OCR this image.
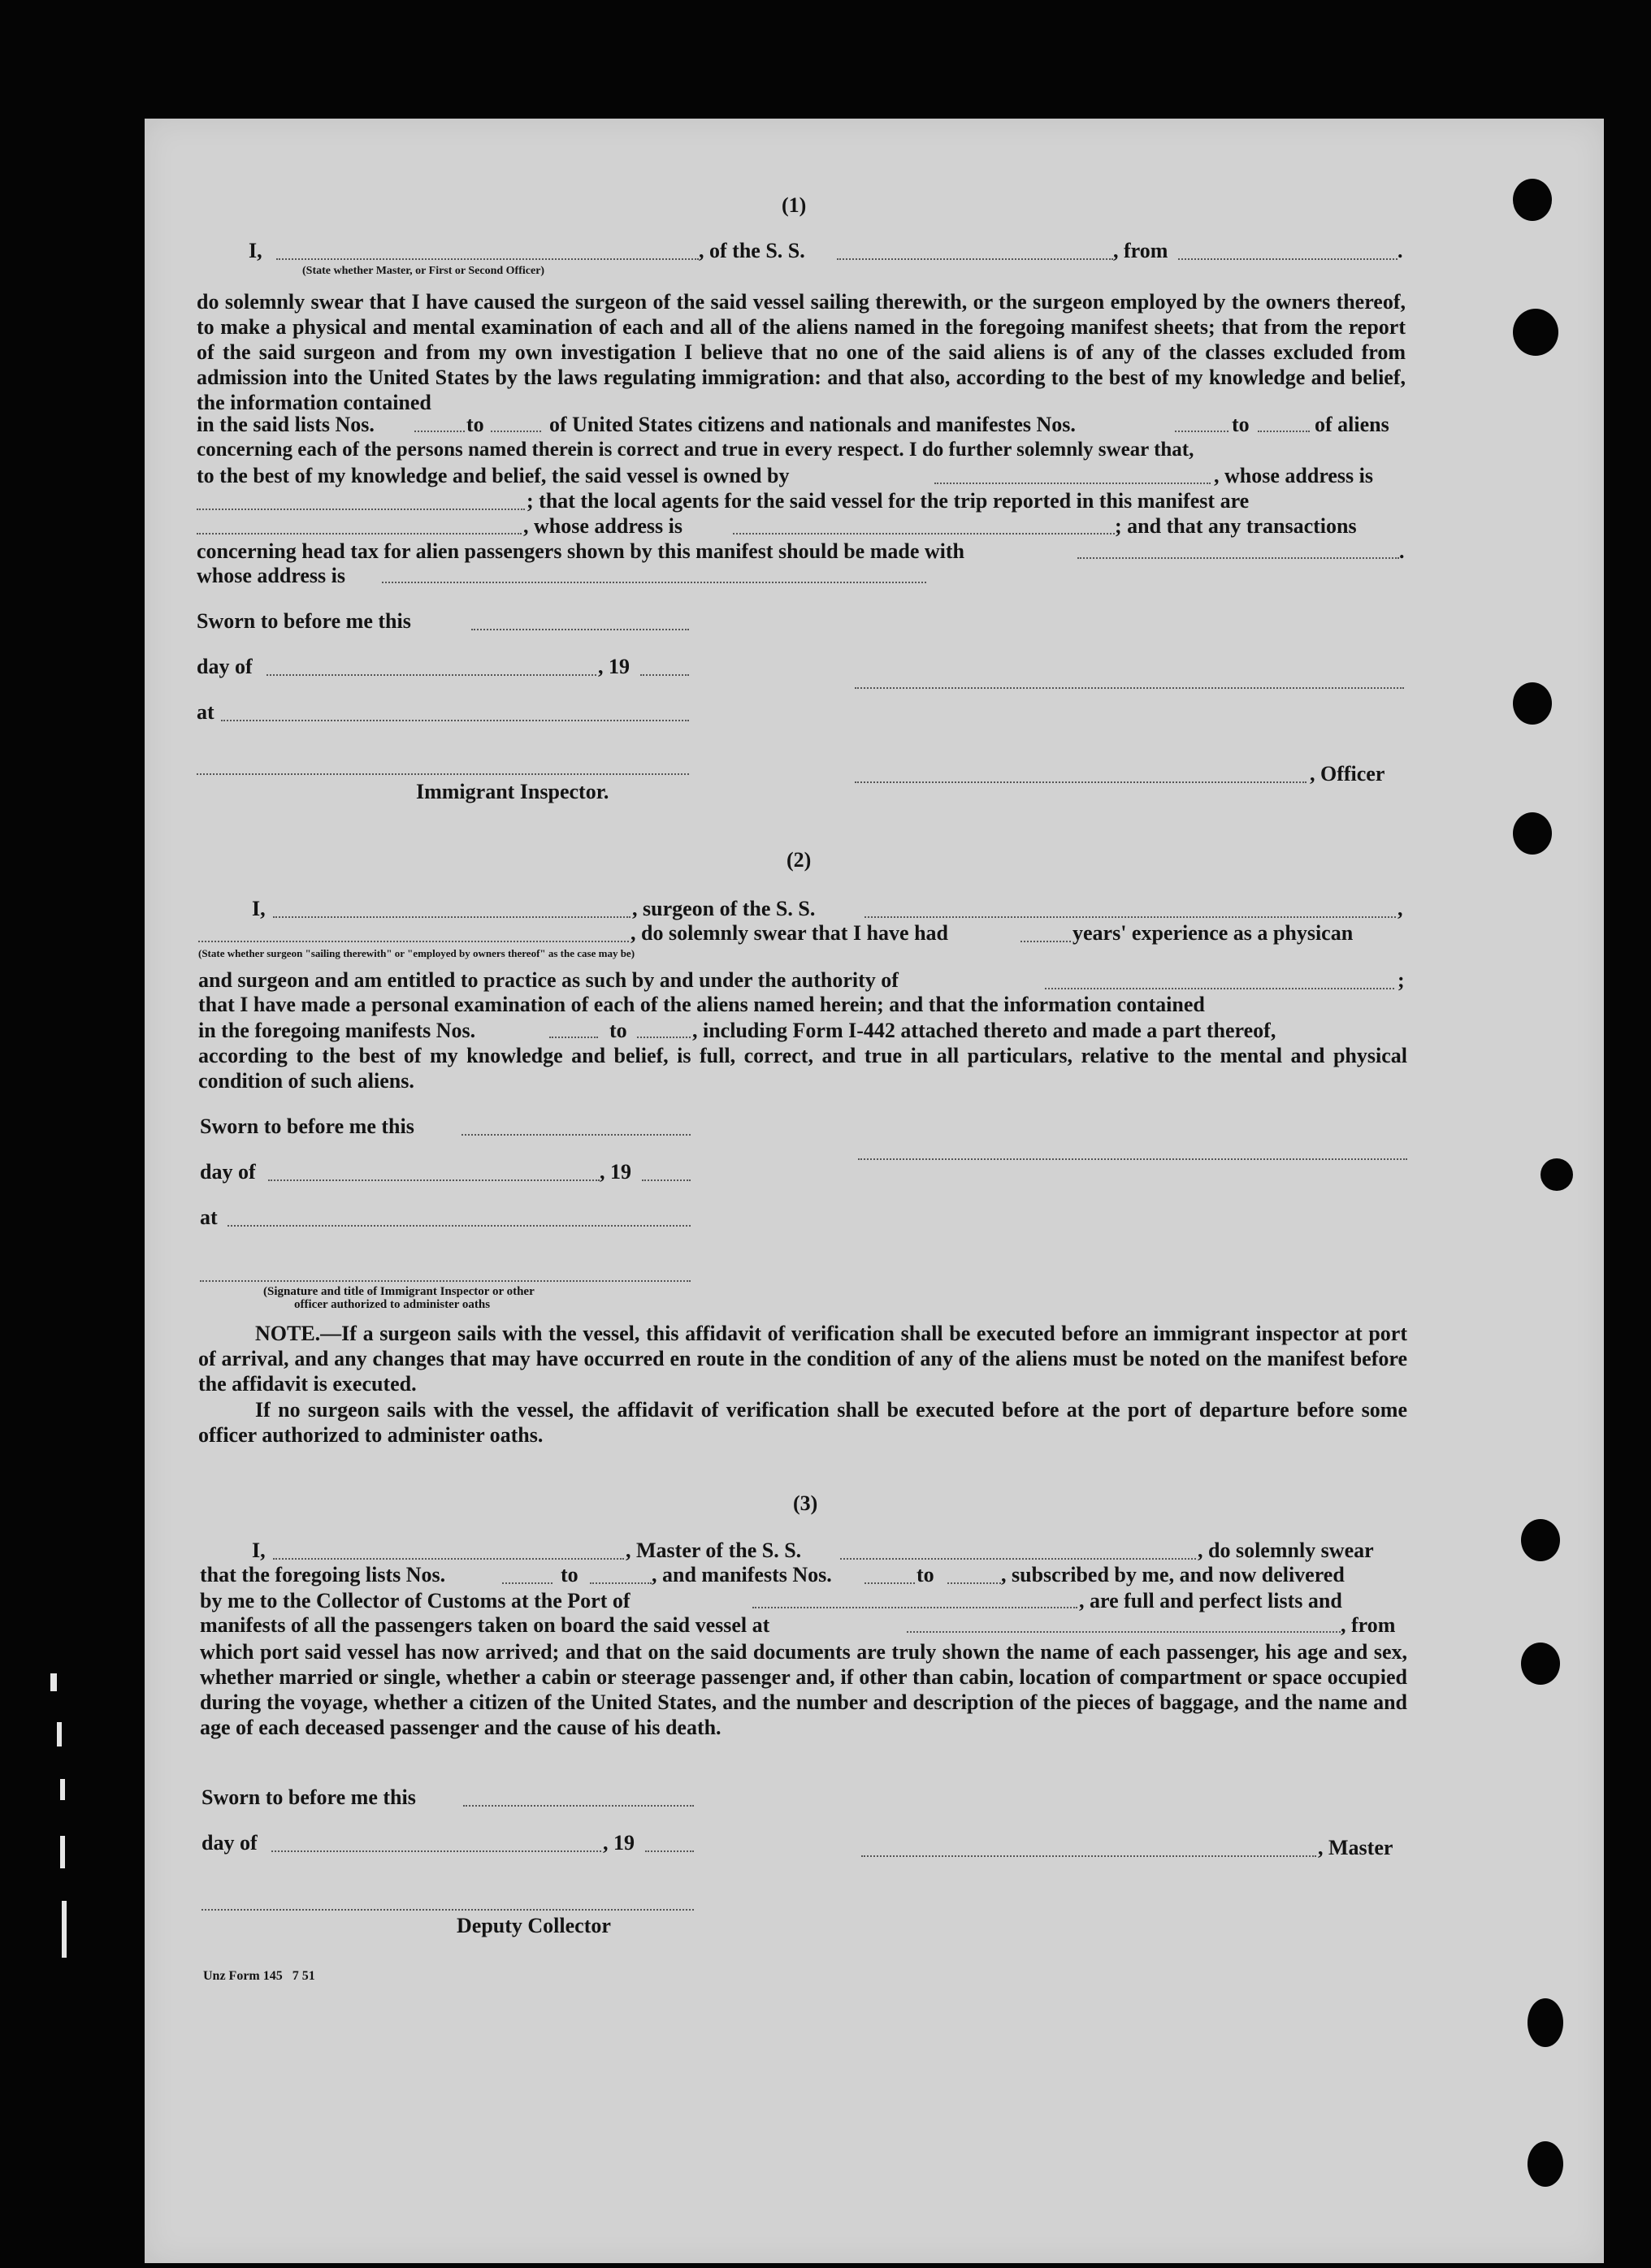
(1)
I,	, of the S. S.	, from	.
(State whether Master, or First or Second Officer)
do solemnly swear that I have caused the surgeon of the said vessel sailing therewith, or the surgeon employed by the owners thereof, to make a physical and mental examination of each and all of the aliens named in the foregoing manifest sheets; that from the report of the said surgeon and from my own investigation I believe that no one of the said aliens is of any of the classes excluded from admission into the United States by the laws regulating immigration: and that also, according to the best of my knowledge and belief, the information contained
in the said lists Nos.	to	of United States citizens and nationals and manifestes Nos.	to	of aliens
concerning each of the persons named therein is correct and true in every respect. I do further solemnly swear that,
to the best of my knowledge and belief, the said vessel is owned by	, whose address is
; that the local agents for the said vessel for the trip reported in this manifest are
, whose address is	; and that any transactions
concerning head tax for alien passengers shown by this manifest should be made with	.
whose address is
Sworn to before me this
day of	, 19
at
, Officer
Immigrant Inspector.
(2)
I,	, surgeon of the S. S.	,
, do solemnly swear that I have had	years' experience as a physican
(State whether surgeon "sailing therewith" or "employed by owners thereof" as the case may be)
and surgeon and am entitled to practice as such by and under the authority of	;
that I have made a personal examination of each of the aliens named herein; and that the information contained
in the foregoing manifests Nos.	to	, including Form I-442 attached thereto and made a part thereof,
according to the best of my knowledge and belief, is full, correct, and true in all particulars, relative to the mental and physical condition of such aliens.
Sworn to before me this
day of	, 19
at
(Signature and title of Immigrant Inspector or other
officer authorized to administer oaths
NOTE.—If a surgeon sails with the vessel, this affidavit of verification shall be executed before an immigrant inspector at port of arrival, and any changes that may have occurred en route in the condition of any of the aliens must be noted on the manifest before the affidavit is executed.
If no surgeon sails with the vessel, the affidavit of verification shall be executed before at the port of departure before some officer authorized to administer oaths.
(3)
I,	, Master of the S. S.	, do solemnly swear
that the foregoing lists Nos.	to	, and manifests Nos.	to	, subscribed by me, and now delivered
by me to the Collector of Customs at the Port of	, are full and perfect lists and
manifests of all the passengers taken on board the said vessel at	, from
which port said vessel has now arrived; and that on the said documents are truly shown the name of each passenger, his age and sex, whether married or single, whether a cabin or steerage passenger and, if other than cabin, location of compartment or space occupied during the voyage, whether a citizen of the United States, and the number and description of the pieces of baggage, and the name and age of each deceased passenger and the cause of his death.
Sworn to before me this
day of	, 19	, Master
Deputy Collector
Unz Form 145   7 51
